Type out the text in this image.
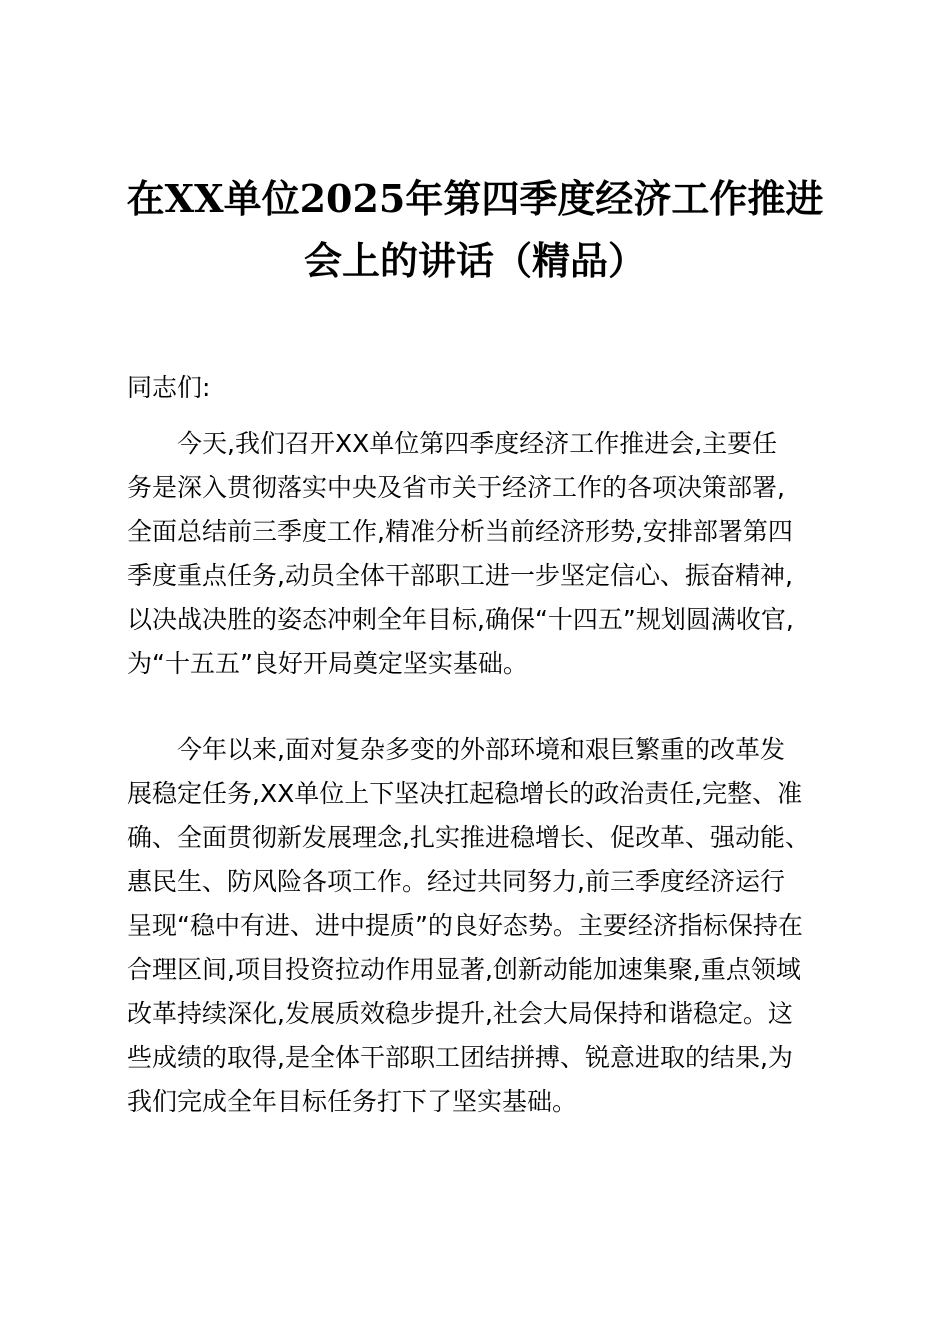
在XX单位2025年第四季度经济工作推进
会上的讲话（精品）

同志们:

今天,我们召开XX单位第四季度经济工作推进会,主要任
务是深入贯彻落实中央及省市关于经济工作的各项决策部署,
全面总结前三季度工作,精准分析当前经济形势,安排部署第四
季度重点任务,动员全体干部职工进一步坚定信心、振奋精神,
以决战决胜的姿态冲刺全年目标,确保“十四五”规划圆满收官,
为“十五五”良好开局奠定坚实基础。

今年以来,面对复杂多变的外部环境和艰巨繁重的改革发
展稳定任务,XX单位上下坚决扛起稳增长的政治责任,完整、准
确、全面贯彻新发展理念,扎实推进稳增长、促改革、强动能、
惠民生、防风险各项工作。经过共同努力,前三季度经济运行
呈现“稳中有进、进中提质”的良好态势。主要经济指标保持在
合理区间,项目投资拉动作用显著,创新动能加速集聚,重点领域
改革持续深化,发展质效稳步提升,社会大局保持和谐稳定。这
些成绩的取得,是全体干部职工团结拼搏、锐意进取的结果,为
我们完成全年目标任务打下了坚实基础。
